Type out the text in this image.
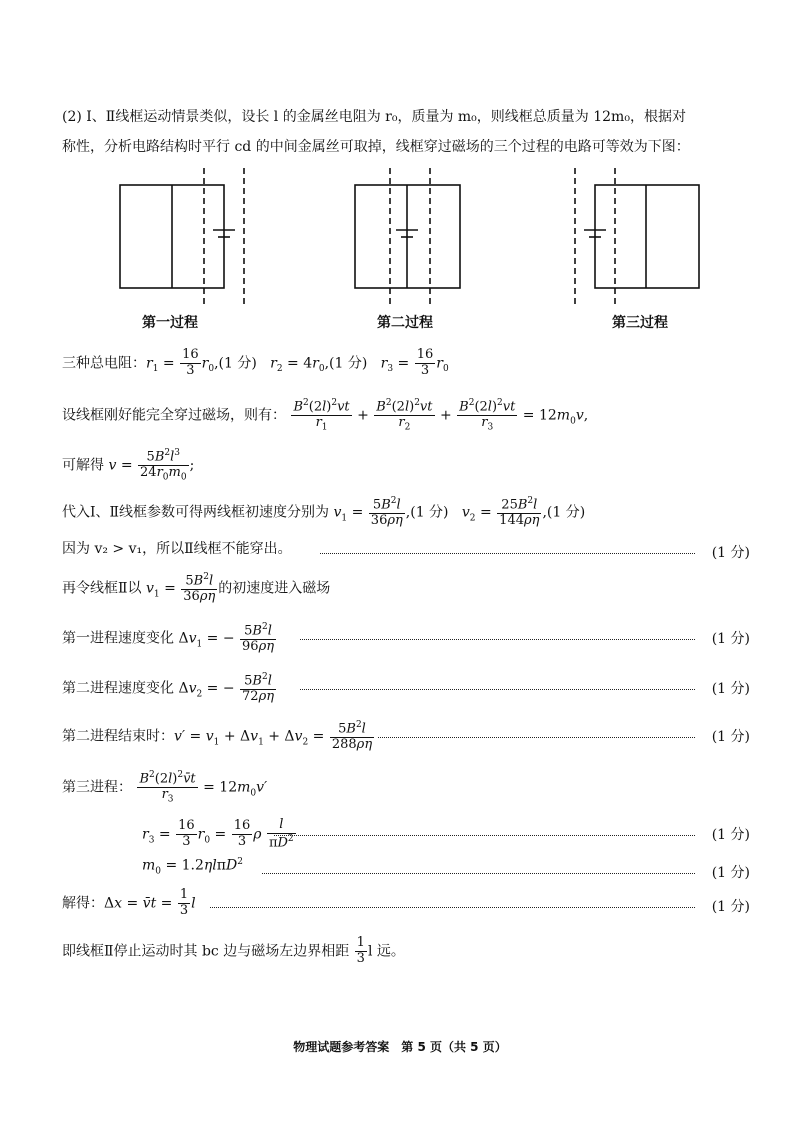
(2) Ⅰ、Ⅱ线框运动情景类似，设长 l 的金属丝电阻为 r₀，质量为 m₀，则线框总质量为 12m₀，根据对
称性，分析电路结构时平行 cd 的中间金属丝可取掉，线框穿过磁场的三个过程的电路可等效为下图：
第一过程	第二过程	第三过程
三种总电阻：$r_1 = \frac{16}{3} r_0,(1$ 分) $r_2 = 4r_0,(1$ 分) $r_3 = \frac{16}{3} r_0$
设线框刚好能完全穿过磁场，则有： $\frac{B^2(2l)^2vt}{r_1} + \frac{B^2(2l)^2vt}{r_2} + \frac{B^2(2l)^2vt}{r_3} = 12m_0v$,
可解得 $v = \frac{5B^2l^3}{24r_0m_0}$ ;
代入Ⅰ、Ⅱ线框参数可得两线框初速度分别为 $v_1 = \frac{5B^2l}{36\rho\eta} ,(1$ 分) $v_2 = \frac{25B^2l}{144\rho\eta} ,(1$ 分)
因为 v₂ > v₁，所以Ⅱ线框不能穿出。	(1 分)
再令线框Ⅱ以 $v_1 = \frac{5B^2l}{36\rho\eta}$ 的初速度进入磁场
第一进程速度变化 $\Delta v_1$ = − $\frac{5B^2l}{96\rho\eta}$	(1 分)
第二进程速度变化 $\Delta v_2$ = − $\frac{5B^2l}{72\rho\eta}$	(1 分)
第二进程结束时：$v' = v_1 + \Delta v_1 + \Delta v_2 = \frac{5B^2l}{288\rho\eta}$	(1 分)
第三进程： $\frac{B^2(2l)^2v̄t}{r_3} = 12m_0v'$
$r_3 = \frac{16}{3} r_0 = \frac{16}{3}$ ρ $\frac{l}{\pi D^2}$	(1 分)
$m_0 = 1.2\eta l\pi D^2$
(1 分)
解得：Δx = v̄t = $\frac{1}{3}$ l	(1 分)
即线框Ⅱ停止运动时其 bc 边与磁场左边界相距 $\frac{1}{3}$ l 远。
物理试题参考答案　第 5 页（共 5 页）
